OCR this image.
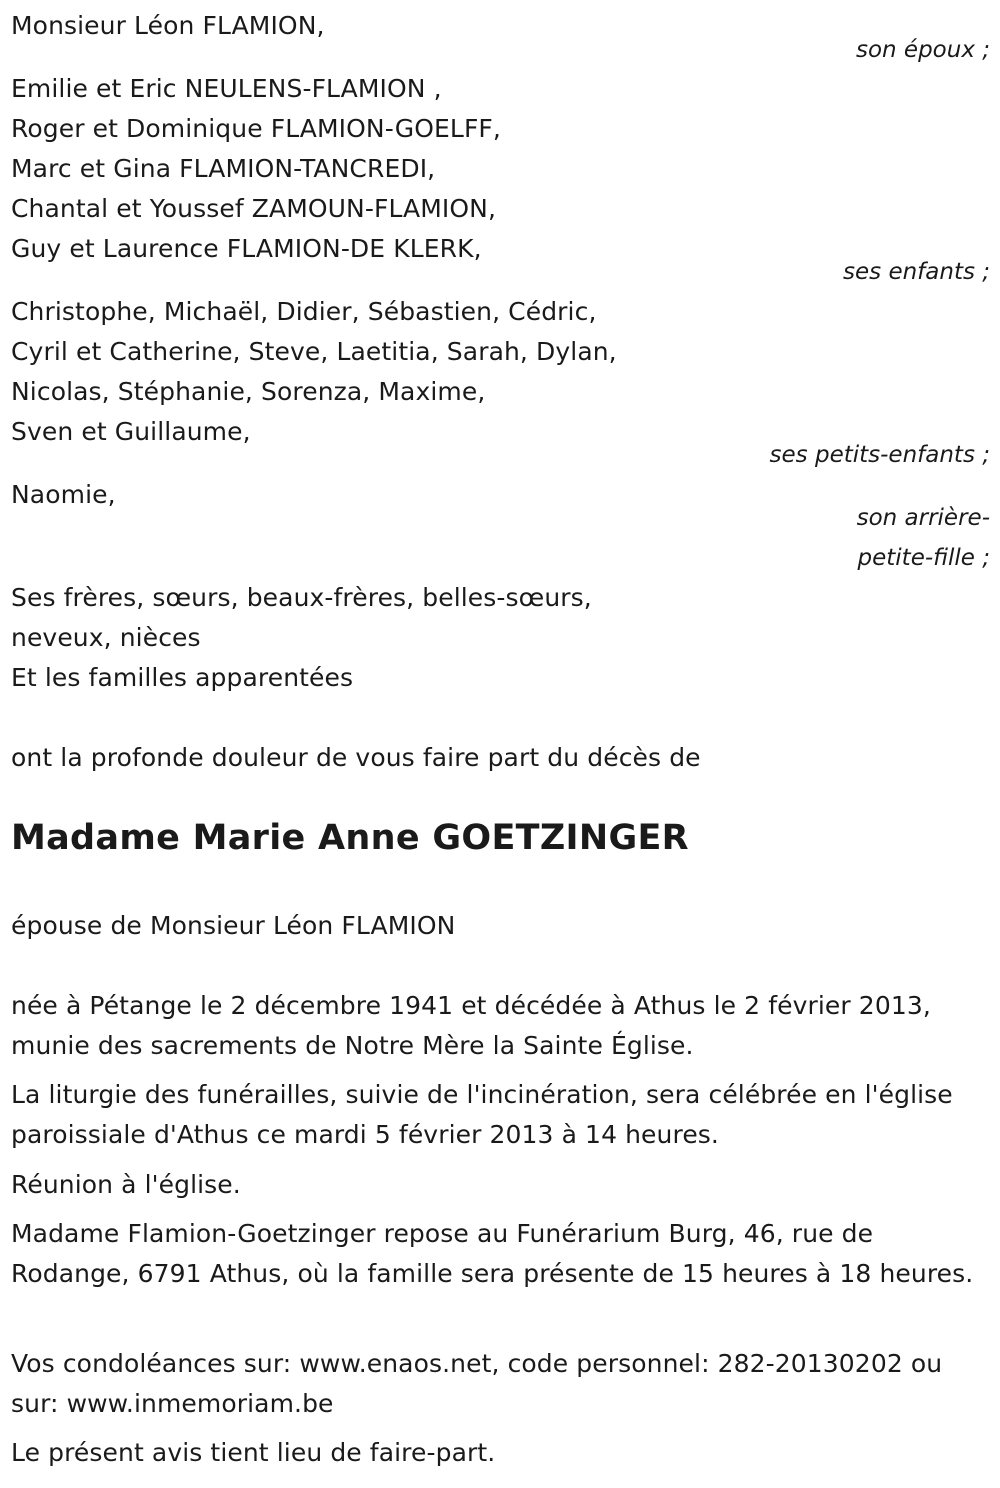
Monsieur Léon FLAMION,
son époux ;
Emilie et Eric NEULENS-FLAMION ,
Roger et Dominique FLAMION-GOELFF,
Marc et Gina FLAMION-TANCREDI,
Chantal et Youssef ZAMOUN-FLAMION,
Guy et Laurence FLAMION-DE KLERK,
ses enfants ;
Christophe, Michaël, Didier, Sébastien, Cédric,
Cyril et Catherine, Steve, Laetitia, Sarah, Dylan,
Nicolas, Stéphanie, Sorenza, Maxime,
Sven et Guillaume,
ses petits-enfants ;
Naomie,
son arrière-
petite-fille ;
Ses frères, sœurs, beaux-frères, belles-sœurs,
neveux, nièces
Et les familles apparentées
ont la profonde douleur de vous faire part du décès de
Madame Marie Anne GOETZINGER
épouse de Monsieur Léon FLAMION
née à Pétange le 2 décembre 1941 et décédée à Athus le 2 février 2013, munie des sacrements de Notre Mère la Sainte Église.
La liturgie des funérailles, suivie de l'incinération, sera célébrée en l'église paroissiale d'Athus ce mardi 5 février 2013 à 14 heures.
Réunion à l'église.
Madame Flamion-Goetzinger repose au Funérarium Burg, 46, rue de Rodange, 6791 Athus, où la famille sera présente de 15 heures à 18 heures.
Vos condoléances sur: www.enaos.net, code personnel: 282-20130202 ou sur: www.inmemoriam.be
Le présent avis tient lieu de faire-part.
